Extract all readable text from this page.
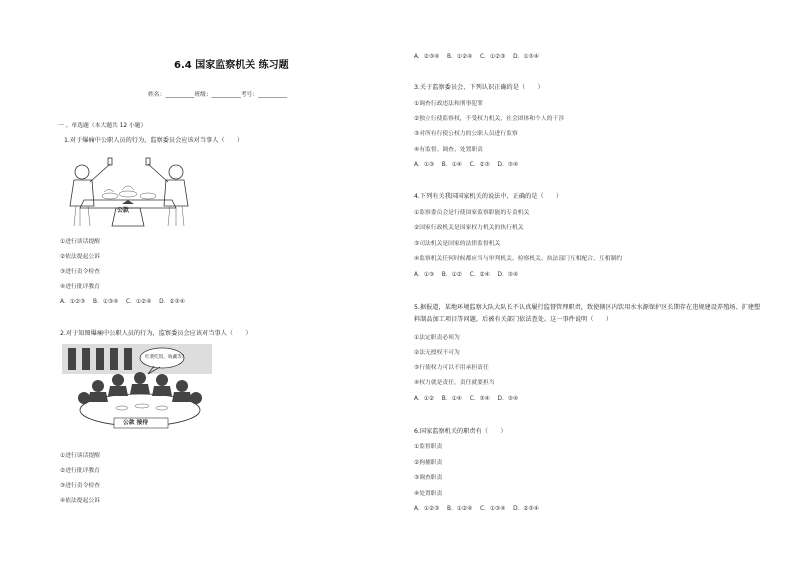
6.4 国家监察机关 练习题
姓名：__________班级：__________考号：__________
一 、单选题（本大题共 12 小题）
1.对于爆痛中公职人员的行为，监察委员会应该对当事人（　　）
公款
①进行谈话提醒
②依法提起公诉
③进行责令检查
④进行批评教育
A．①②③　 B．①③④　 C．①②④　 D．②③④
2.对于知图爆痛中公职人员的行为，监察委员会应该对当事人（　　）
红菜吃饭，收藏等？
公款 接待
①进行谈话提醒
②进行批评教育
③进行责令检查
④依法提起公诉
A．②③④　 B．①②④　 C．①②③　 D．①③④
3.关于监察委员会，下列认识正确的是（　　）
①调查行政违法和刑事犯罪
②独立行使监察权，不受权力机关、社会团体和个人的干涉
③对所有行使公权力的公职人员进行监察
④有监督、调查、处置职责
A．①③　 B．①④　 C．②③　 D．③④
4.下列有关我国国家机关的说法中，正确的是（　　）
①监察委员会是行使国家监察职能的专责机关
②国家行政机关是国家权力机关的执行机关
③司法机关是国家的法律监督机关
④监察机关任何时候都应当与审判机关、检察机关、执法部门互相配合、互相制约
A．①③　 B．①②　 C．②④　 D．③④
5.据报道，某地环境监察大队大队长不认真履行监督管理职责，致使辖区内饮用水水源保护区长期存在违规建设养殖场、扩建塑料制品加工项目等问题，后被有关部门依法查处。这一事件说明（　　）
①法定职责必须为
②法无授权不可为
③行使权力可以不用承担责任
④权力就是责任，责任就要担当
A．①②　 B．①④　 C．③④　 D．③④
6.国家监察机关的职责有（　　）
①监督职责
②拘捕职责
③调查职责
④处置职责
A．①②③　 B．①②④　 C．①③④　 D．②③④
